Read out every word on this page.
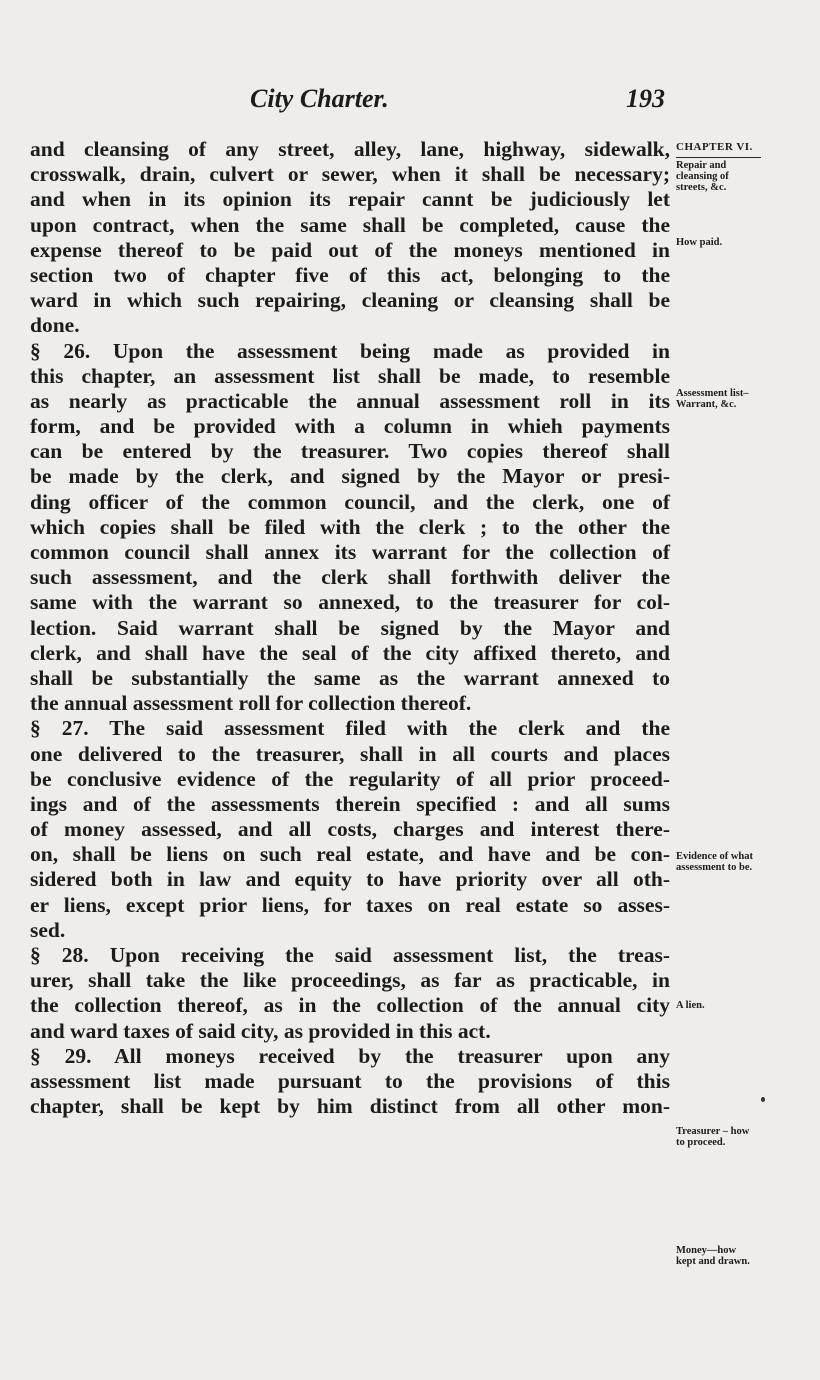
City Charter.	193
CHAPTER VI.
and cleansing of any street, alley, lane, highway, sidewalk,
crosswalk, drain, culvert or sewer, when it shall be necessary;
and when in its opinion its repair cannt be judiciously let
upon contract, when the same shall be completed, cause the
expense thereof to be paid out of the moneys mentioned in
section two of chapter five of this act, belonging to the
ward in which such repairing, cleaning or cleansing shall be
done.
§ 26. Upon the assessment being made as provided in
this chapter, an assessment list shall be made, to resemble
as nearly as practicable the annual assessment roll in its
form, and be provided with a column in whieh payments
can be entered by the treasurer. Two copies thereof shall
be made by the clerk, and signed by the Mayor or presi-
ding officer of the common council, and the clerk, one of
which copies shall be filed with the clerk ; to the other the
common council shall annex its warrant for the collection of
such assessment, and the clerk shall forthwith deliver the
same with the warrant so annexed, to the treasurer for col-
lection. Said warrant shall be signed by the Mayor and
clerk, and shall have the seal of the city affixed thereto, and
shall be substantially the same as the warrant annexed to
the annual assessment roll for collection thereof.
§ 27. The said assessment filed with the clerk and the
one delivered to the treasurer, shall in all courts and places
be conclusive evidence of the regularity of all prior proceed-
ings and of the assessments therein specified : and all sums
of money assessed, and all costs, charges and interest there-
on, shall be liens on such real estate, and have and be con-
sidered both in law and equity to have priority over all oth-
er liens, except prior liens, for taxes on real estate so asses-
sed.
§ 28. Upon receiving the said assessment list, the treas-
urer, shall take the like proceedings, as far as practicable, in
the collection thereof, as in the collection of the annual city
and ward taxes of said city, as provided in this act.
§ 29. All moneys received by the treasurer upon any
assessment list made pursuant to the provisions of this
chapter, shall be kept by him distinct from all other mon-
Repair and
cleansing of
streets, &c.
How paid.
Assessment list–
Warrant, &c.
Evidence of what
assessment to be.
A lien.
Treasurer – how
to proceed.
Money—how
kept and drawn.
